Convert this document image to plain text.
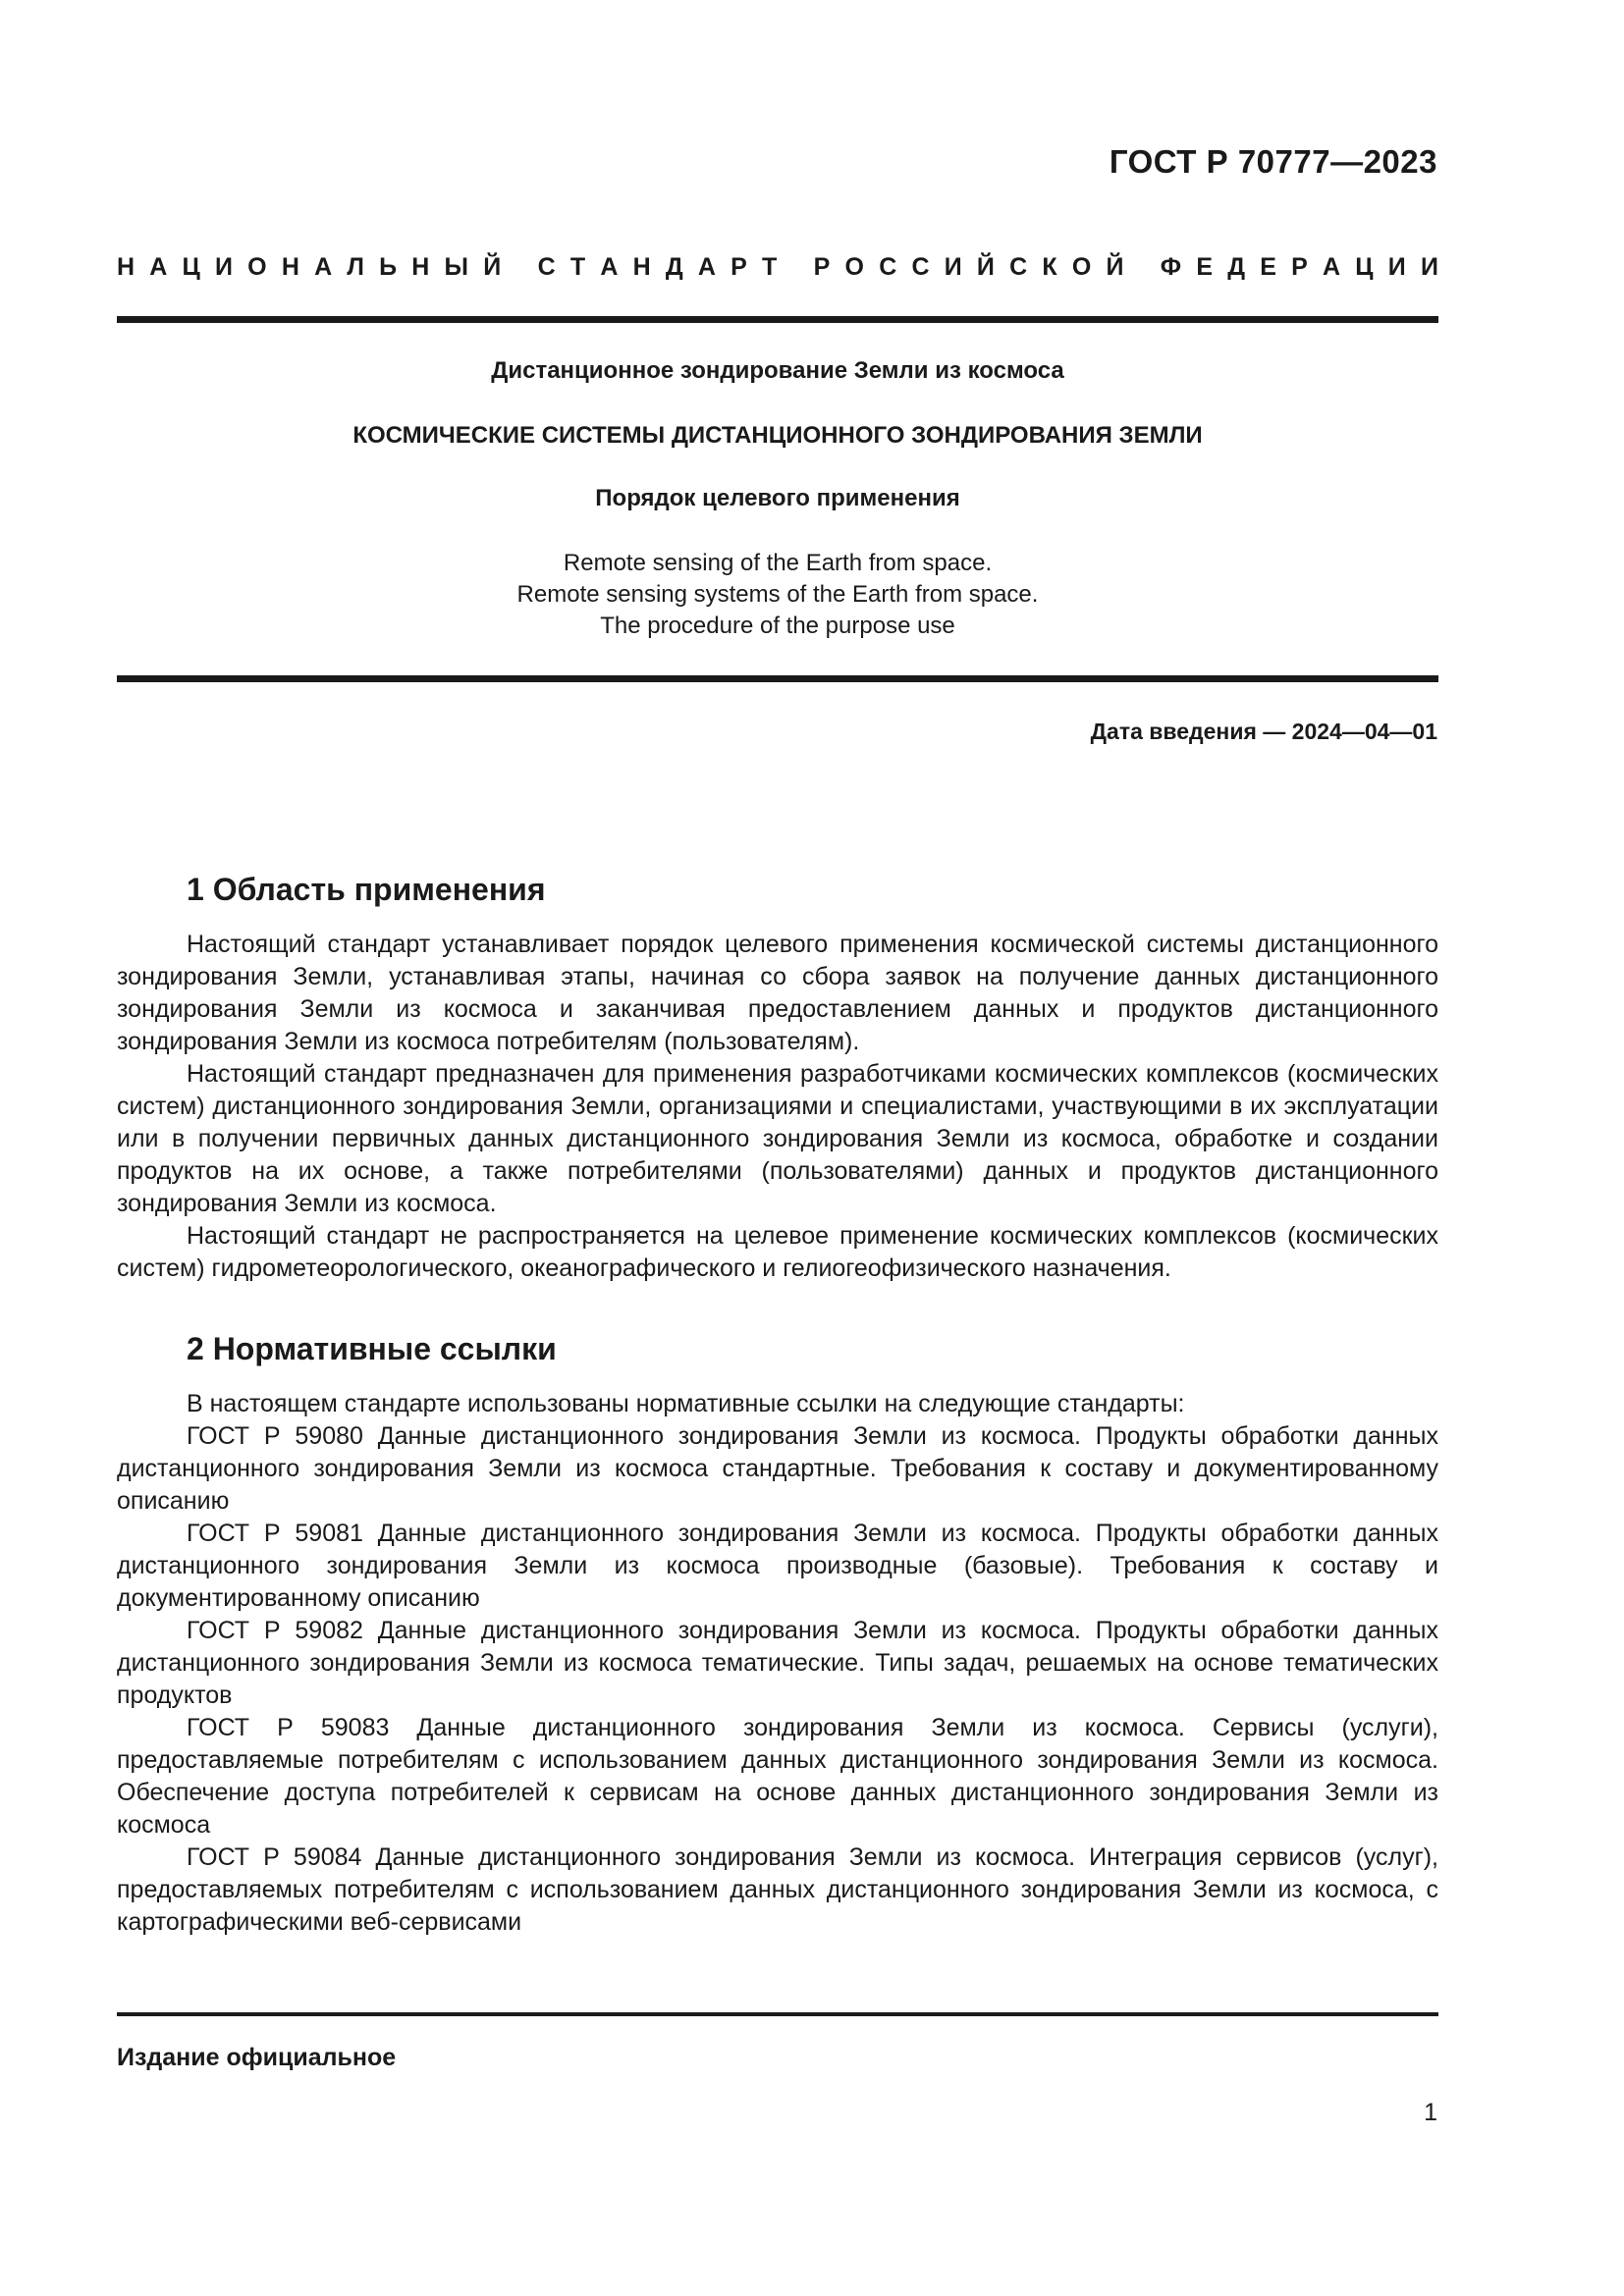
ГОСТ Р 70777—2023
Н А Ц И О Н А Л Ь Н Ы Й
С Т А Н Д А Р Т
Р О С С И Й С К О Й
Ф Е Д Е Р А Ц И И
Дистанционное зондирование Земли из космоса
КОСМИЧЕСКИЕ СИСТЕМЫ ДИСТАНЦИОННОГО ЗОНДИРОВАНИЯ ЗЕМЛИ
Порядок целевого применения
Remote sensing of the Earth from space.
Remote sensing systems of the Earth from space.
The procedure of the purpose use
Дата введения — 2024—04—01
1 Область применения

Настоящий стандарт устанавливает порядок целевого применения космической системы дистанционного зондирования Земли, устанавливая этапы, начиная со сбора заявок на получение данных дистанционного зондирования Земли из космоса и заканчивая предоставлением данных и продуктов дистанционного зондирования Земли из космоса потребителям (пользователям).

Настоящий стандарт предназначен для применения разработчиками космических комплексов (космических систем) дистанционного зондирования Земли, организациями и специалистами, участвующими в их эксплуатации или в получении первичных данных дистанционного зондирования Земли из космоса, обработке и создании продуктов на их основе, а также потребителями (пользователями) данных и продуктов дистанционного зондирования Земли из космоса.

Настоящий стандарт не распространяется на целевое применение космических комплексов (космических систем) гидрометеорологического, океанографического и гелиогеофизического назначения.

2 Нормативные ссылки

В настоящем стандарте использованы нормативные ссылки на следующие стандарты:

ГОСТ Р 59080 Данные дистанционного зондирования Земли из космоса. Продукты обработки данных дистанционного зондирования Земли из космоса стандартные. Требования к составу и документированному описанию

ГОСТ Р 59081 Данные дистанционного зондирования Земли из космоса. Продукты обработки данных дистанционного зондирования Земли из космоса производные (базовые). Требования к составу и документированному описанию

ГОСТ Р 59082 Данные дистанционного зондирования Земли из космоса. Продукты обработки данных дистанционного зондирования Земли из космоса тематические. Типы задач, решаемых на основе тематических продуктов

ГОСТ Р 59083 Данные дистанционного зондирования Земли из космоса. Сервисы (услуги), предоставляемые потребителям с использованием данных дистанционного зондирования Земли из космоса. Обеспечение доступа потребителей к сервисам на основе данных дистанционного зондирования Земли из космоса

ГОСТ Р 59084 Данные дистанционного зондирования Земли из космоса. Интеграция сервисов (услуг), предоставляемых потребителям с использованием данных дистанционного зондирования Земли из космоса, с картографическими веб-сервисами

Издание официальное
1
